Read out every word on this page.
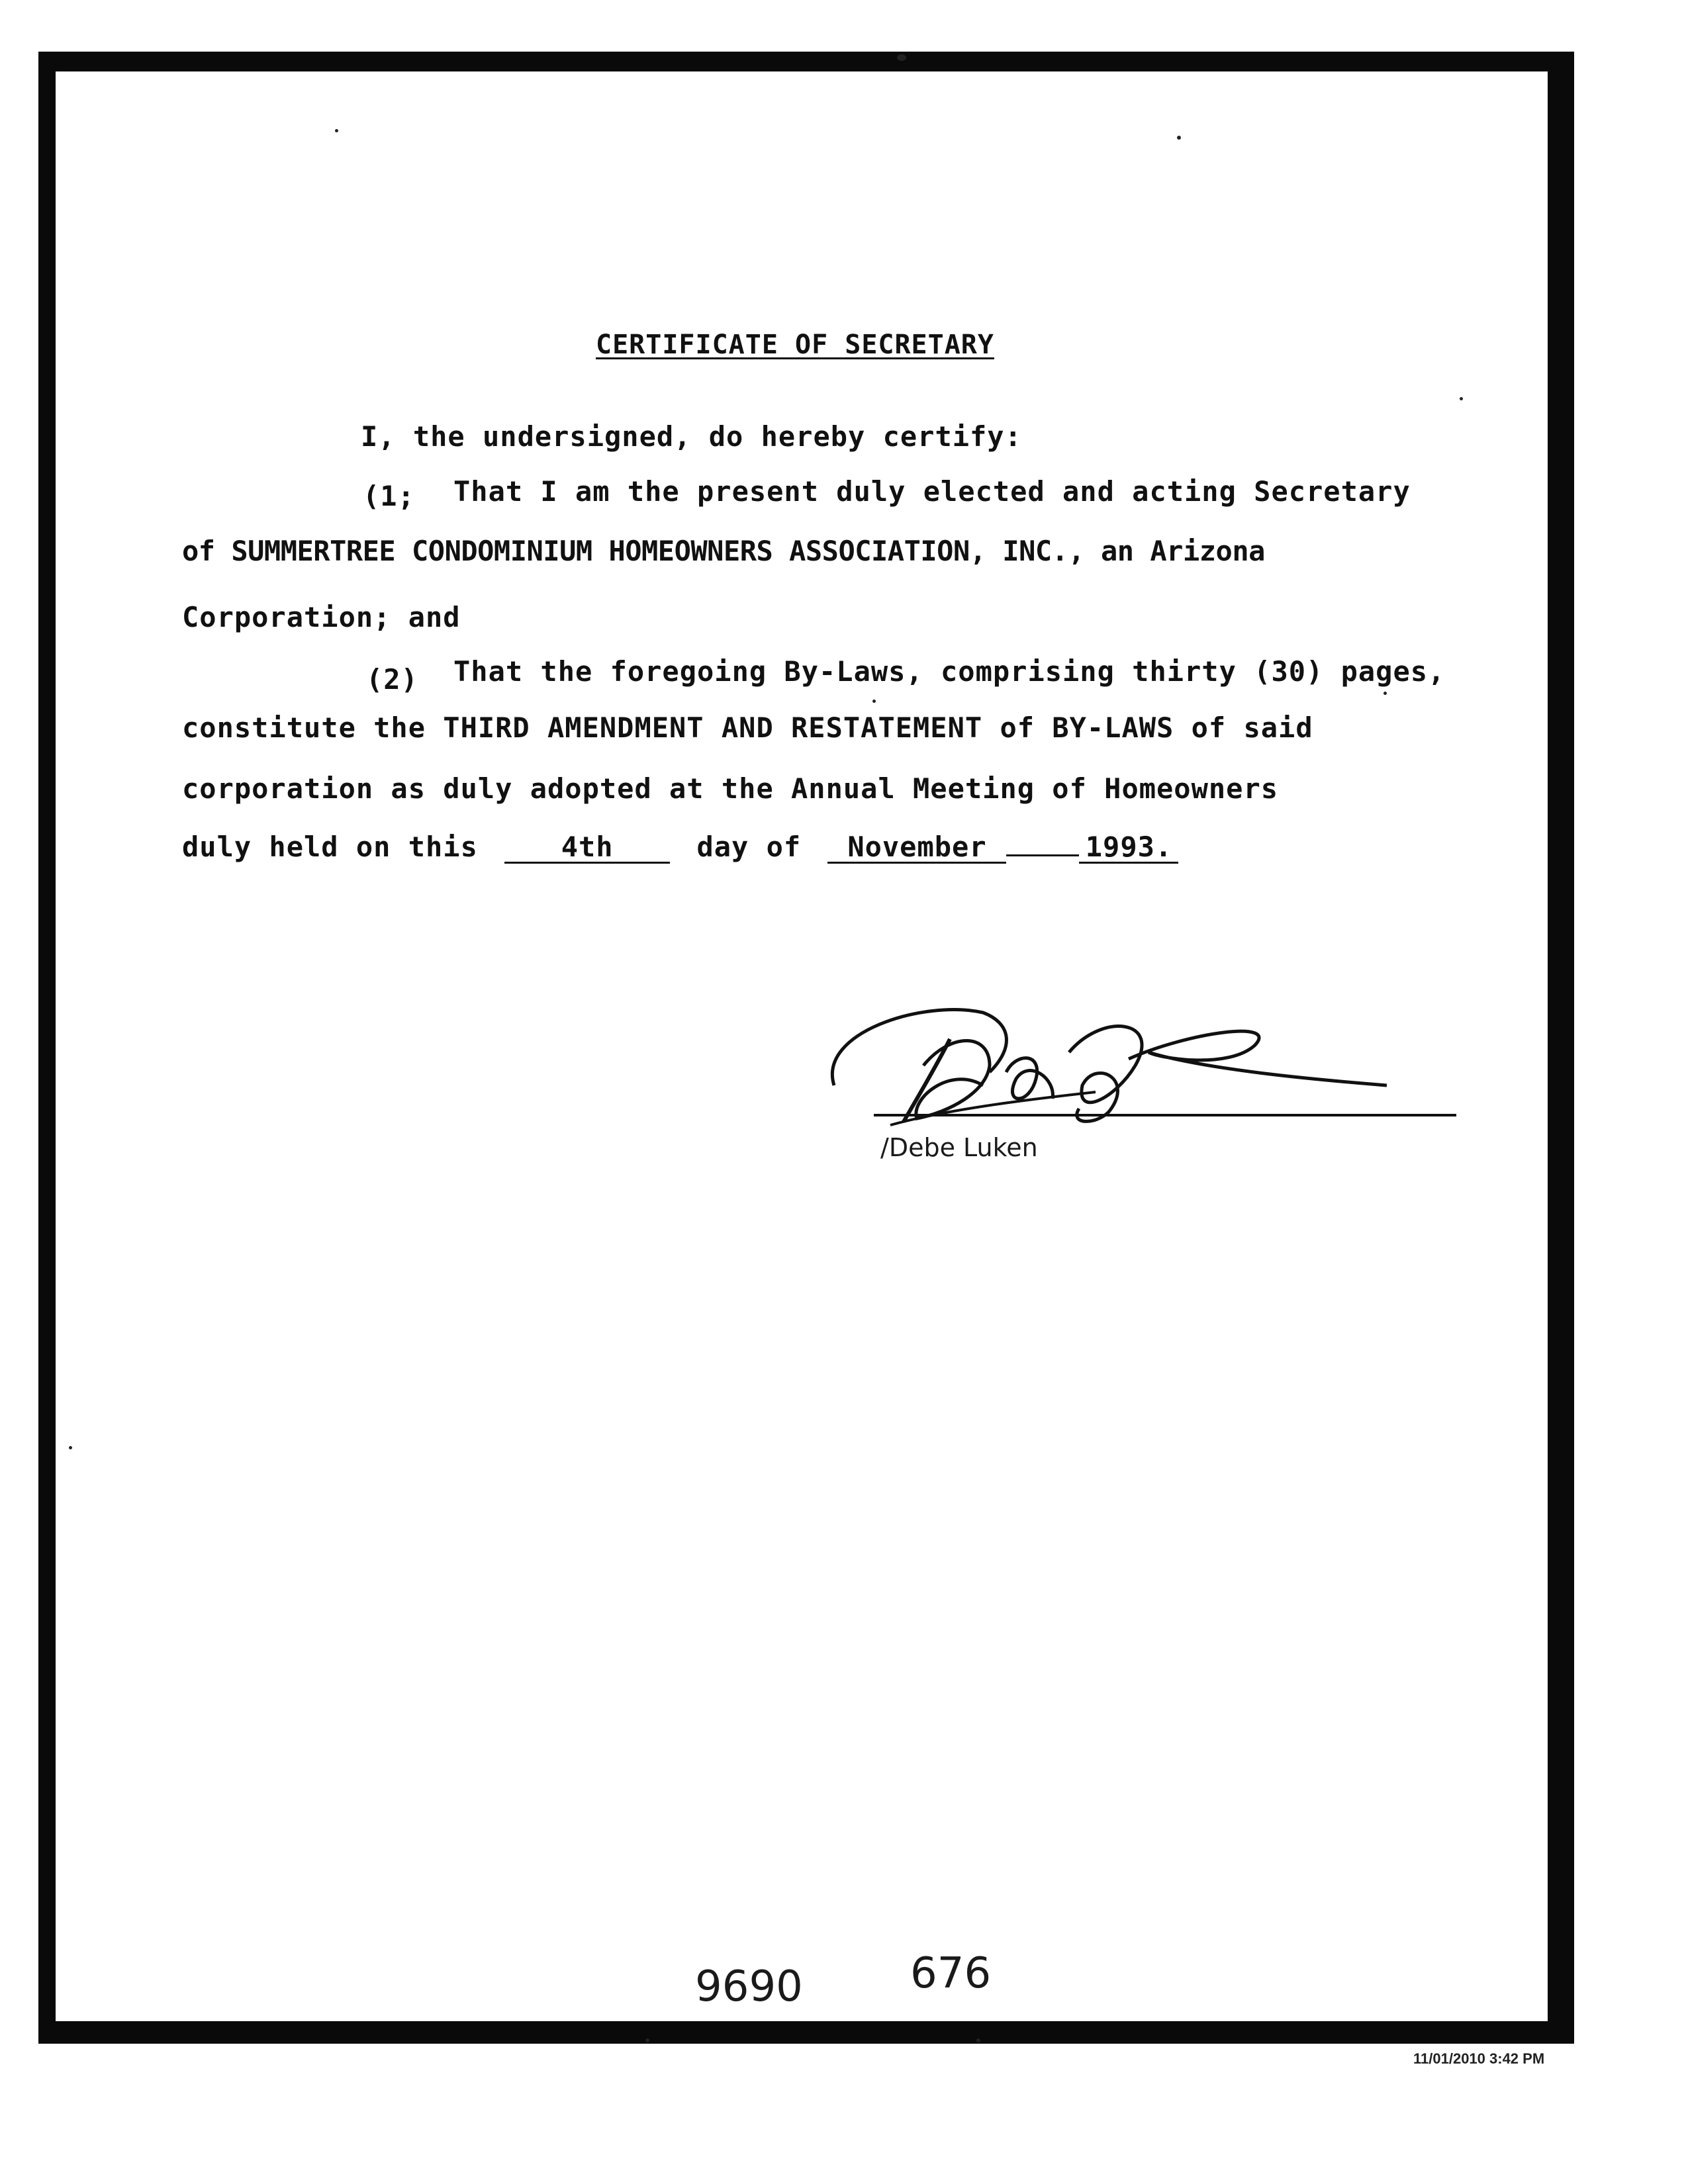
CERTIFICATE OF SECRETARY
I, the undersigned, do hereby certify:
(1; That I am the present duly elected and acting Secretary
of SUMMERTREE CONDOMINIUM HOMEOWNERS ASSOCIATION, INC., an Arizona
Corporation; and
(2) That the foregoing By-Laws, comprising thirty (30) pages,
constitute the THIRD AMENDMENT AND RESTATEMENT of BY-LAWS of said
corporation as duly adopted at the Annual Meeting of Homeowners
duly held on this	4th	day of November	1993.
/Debe Luken
9690	676
11/01/2010 3:42 PM
